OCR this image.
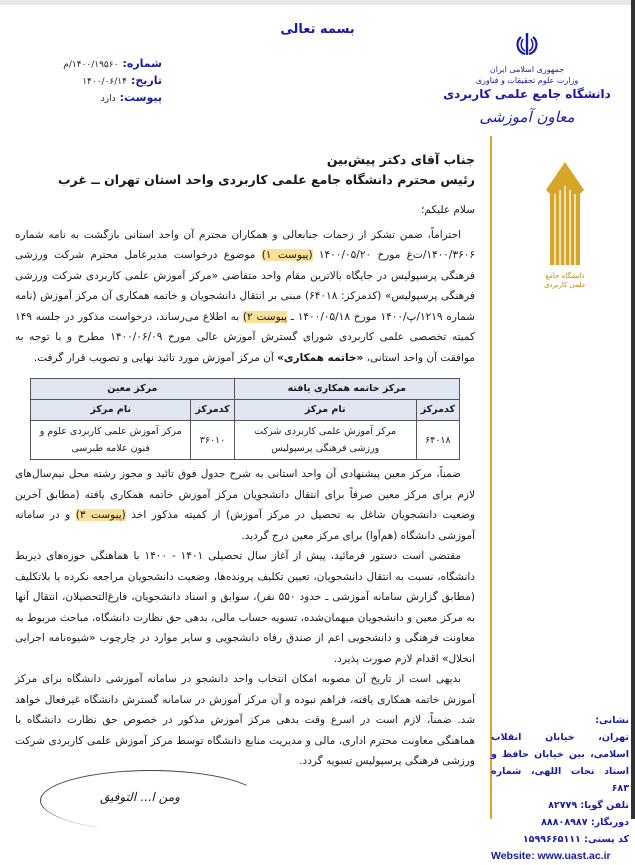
بسمه تعالی
شماره:
۱۴۰۰/۱۹۵۶۰/م
تاریخ:
۱۴۰۰/۰۶/۱۴
پیوست:
دارد
جمهوری اسلامی ایران
وزارت علوم تحقیقات و فناوری
دانشگاه جامع علمی کاربردی
معاون آموزشی
دانشگاه جامع
علمی کاربردی
جناب آقای دکتر پیش‌بین
رئیس محترم دانشگاه جامع علمی کاربردی واحد استان تهران ــ غرب
سلام علیکم؛

احتراماً، ضمن تشکر از زحمات جنابعالی و همکاران محترم آن واحد استانی بازگشت به نامه شماره ۱۴۰۰/۳۶۰۶/ت‌غ مورخ ۱۴۰۰/۰۵/۲۰ (پیوست ۱) موضوع درخواست مدیرعامل محترم شرکت ورزشی فرهنگی پرسپولیس در جایگاه بالاترین مقام واحد متقاضی «مرکز آموزش علمی کاربردی شرکت ورزشی فرهنگی پرسپولیس» (کدمرکز: ۶۴۰۱۸) مبنی بر انتقال دانشجویان و خاتمه همکاری آن مرکز آموزش (نامه شماره ۱۲۱۹/پ/۱۴۰۰ مورخ ۱۴۰۰/۰۵/۱۸ ـ پیوست ۲) به اطلاع می‌رساند، درخواست مذکور در جلسه ۱۴۹ کمیته تخصصی علمی کاربردی شورای گسترش آموزش عالی مورخ ۱۴۰۰/۰۶/۰۹ مطرح و با توجه به موافقت آن واحد استانی، «خاتمه همکاری» آن مرکز آموزش مورد تائید نهایی و تصویب قرار گرفت.

مرکز خاتمه همکاری یافته		مرکز معین	
کدمرکز	نام مرکز	کدمرکز	نام مرکز
۶۴۰۱۸	مرکز آموزش علمی کاربردی شرکت ورزشی فرهنگی پرسپولیس	۳۶۰۱۰	مرکز آموزش علمی کاربردی علوم و فنون علامه طبرسی

ضمناً، مرکز معین پیشنهادی آن واحد استانی به شرح جدول فوق تائید و مجوز رشته محل نیم‌سال‌های لازم برای مرکز معین صرفاً برای انتقال دانشجویان مرکز آموزش خاتمه همکاری یافته (مطابق آخرین وضعیت دانشجویان شاغل به تحصیل در مرکز آموزش) از کمیته مذکور اخذ (پیوست ۳) و در سامانه آموزشی دانشگاه (هم‌آوا) برای مرکز معین درج گردید.

مقتضی است دستور فرمائید، پیش از آغاز سال تحصیلی ۱۴۰۱ - ۱۴۰۰ با هماهنگی حوزه‌های ذیربط دانشگاه، نسبت به انتقال دانشجویان، تعیین تکلیف پرونده‌ها، وضعیت دانشجویان مراجعه نکرده یا بلاتکلیف (مطابق گزارش سامانه آموزشی ـ حدود ۵۵۰ نفر)، سوابق و اسناد دانشجویان، فارغ‌التحصیلان، انتقال آنها به مرکز معین و دانشجویان میهمان‌شده، تسویه حساب مالی، بدهی حق نظارت دانشگاه، مباحث مربوط به معاونت فرهنگی و دانشجویی اعم از صندق رفاه دانشجویی و سایر موارد در چارچوب «شیوه‌نامه اجرایی انحلال» اقدام لازم صورت پذیرد.

بدیهی است از تاریخ آن مصوبه امکان انتخاب واحد دانشجو در سامانه آموزشی دانشگاه برای مرکز آموزش خاتمه همکاری یافته، فراهم نبوده و آن مرکز آموزش در سامانه گسترش دانشگاه غیرفعال خواهد شد. ضمناً، لازم است در اسرع وقت بدهی مرکز آموزش مذکور در خصوص حق نظارت دانشگاه با هماهنگی معاونت محترم اداری، مالی و مدیریت منابع دانشگاه توسط مرکز آموزش علمی کاربردی شرکت ورزشی فرهنگی پرسپولیس تسویه گردد.

ومن ا... التوفیق
نشانی:
تهران، خیابان انقلاب اسلامی، بین خیابان حافظ و استاد نجات اللهی، شماره ۶۸۳
تلفن گویا: ۸۲۷۷۹
دورنگار: ۸۸۸۰۸۹۸۷
کد پستی: ۱۵۹۹۶۶۵۱۱۱
Website: www.uast.ac.ir
